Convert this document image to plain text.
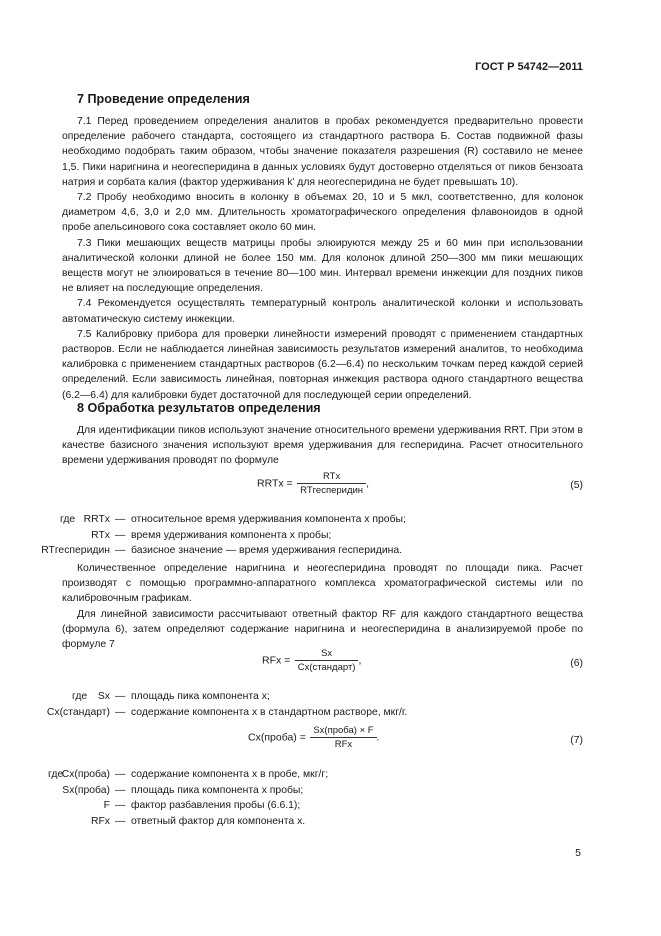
ГОСТ Р 54742—2011
7 Проведение определения

7.1 Перед проведением определения аналитов в пробах рекомендуется предварительно провести определение рабочего стандарта, состоящего из стандартного раствора Б. Состав подвижной фазы необходимо подобрать таким образом, чтобы значение показателя разрешения (R) составило не менее 1,5. Пики наригнина и неогесперидина в данных условиях будут достоверно отделяться от пиков бензоата натрия и сорбата калия (фактор удерживания k' для неогесперидина не будет превышать 10).

7.2 Пробу необходимо вносить в колонку в объемах 20, 10 и 5 мкл, соответственно, для колонок диаметром 4,6, 3,0 и 2,0 мм. Длительность хроматографического определения флавоноидов в одной пробе апельсинового сока составляет около 60 мин.

7.3 Пики мешающих веществ матрицы пробы элюируются между 25 и 60 мин при использовании аналитической колонки длиной не более 150 мм. Для колонок длиной 250—300 мм пики мешающих веществ могут не элюироваться в течение 80—100 мин. Интервал времени инжекции для поздних пиков не влияет на последующие определения.

7.4 Рекомендуется осуществлять температурный контроль аналитической колонки и использовать автоматическую систему инжекции.

7.5 Калибровку прибора для проверки линейности измерений проводят с применением стандартных растворов. Если не наблюдается линейная зависимость результатов измерений аналитов, то необходима калибровка с применением стандартных растворов (6.2—6.4) по нескольким точкам перед каждой серией определений. Если зависимость линейная, повторная инжекция раствора одного стандартного вещества (6.2—6.4) для калибровки будет достаточной для последующей серии определений.

8 Обработка результатов определения

Для идентификации пиков используют значение относительного времени удерживания RRT. При этом в качестве базисного значения используют время удерживания для гесперидина. Расчет относительного времени удерживания проводят по формуле

RRTx =
RTx
RTгесперидин
,	(5)
где RRTx — относительное время удерживания компонента x пробы;
RTx — время удерживания компонента x пробы;
RTгесперидин — базисное значение — время удерживания гесперидина.

Количественное определение наригнина и неогесперидина проводят по площади пика. Расчет производят с помощью программно-аппаратного комплекса хроматографической системы или по калибровочным графикам.

Для линейной зависимости рассчитывают ответный фактор RF для каждого стандартного вещества (формула 6), затем определяют содержание наригнина и неогесперидина в анализируемой пробе по формуле 7

RFx =
Sx
Cx(стандарт)
,	(6)
где Sx — площадь пика компонента x;
Cx(стандарт) — содержание компонента x в стандартном растворе, мкг/г.
Cx(проба) =
Sx(проба) × F
RFx
.	(7)
где
Cx(проба) — содержание компонента x в пробе, мкг/г;
Sx(проба) — площадь пика компонента x пробы;
F — фактор разбавления пробы (6.6.1);
RFx — ответный фактор для компонента x.
5
